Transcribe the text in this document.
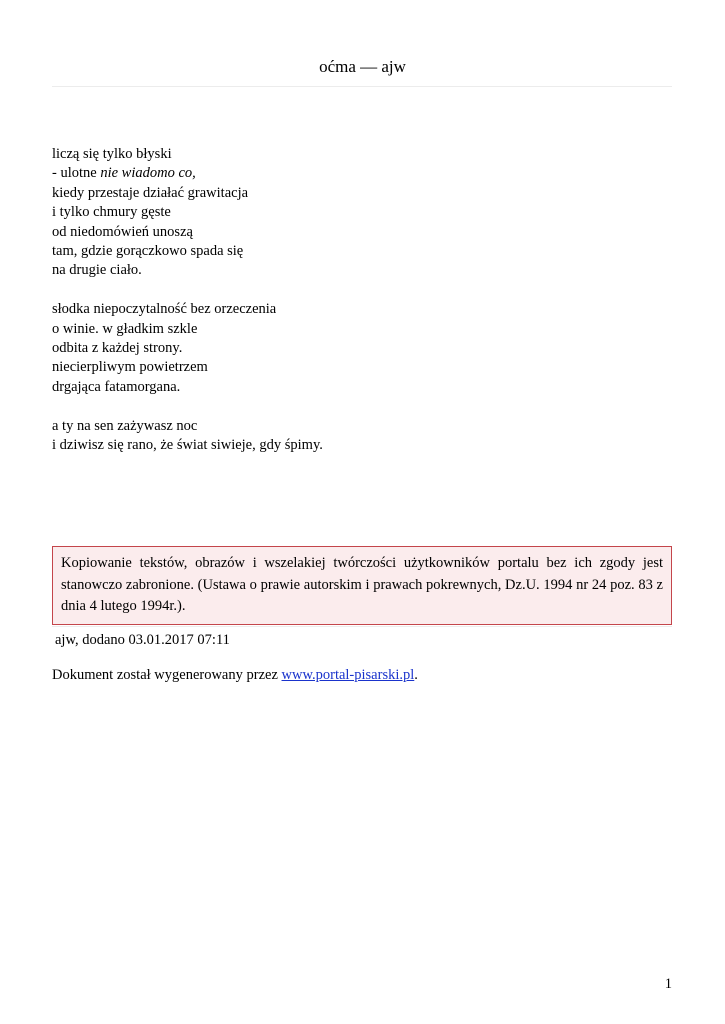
oćma — ajw
liczą się tylko błyski
- ulotne nie wiadomo co,
kiedy przestaje działać grawitacja
i tylko chmury gęste
od niedomówień unoszą
tam, gdzie gorączkowo spada się
na drugie ciało.
słodka niepoczytalność bez orzeczenia
o winie. w gładkim szkle
odbita z każdej strony.
niecierpliwym powietrzem
drgająca fatamorgana.
a ty na sen zażywasz noc
i dziwisz się rano, że świat siwieje, gdy śpimy.
Kopiowanie tekstów, obrazów i wszelakiej twórczości użytkowników portalu bez ich zgody jest stanowczo zabronione. (Ustawa o prawie autorskim i prawach pokrewnych, Dz.U. 1994 nr 24 poz. 83 z dnia 4 lutego 1994r.).
ajw, dodano 03.01.2017 07:11
Dokument został wygenerowany przez www.portal-pisarski.pl.
1
